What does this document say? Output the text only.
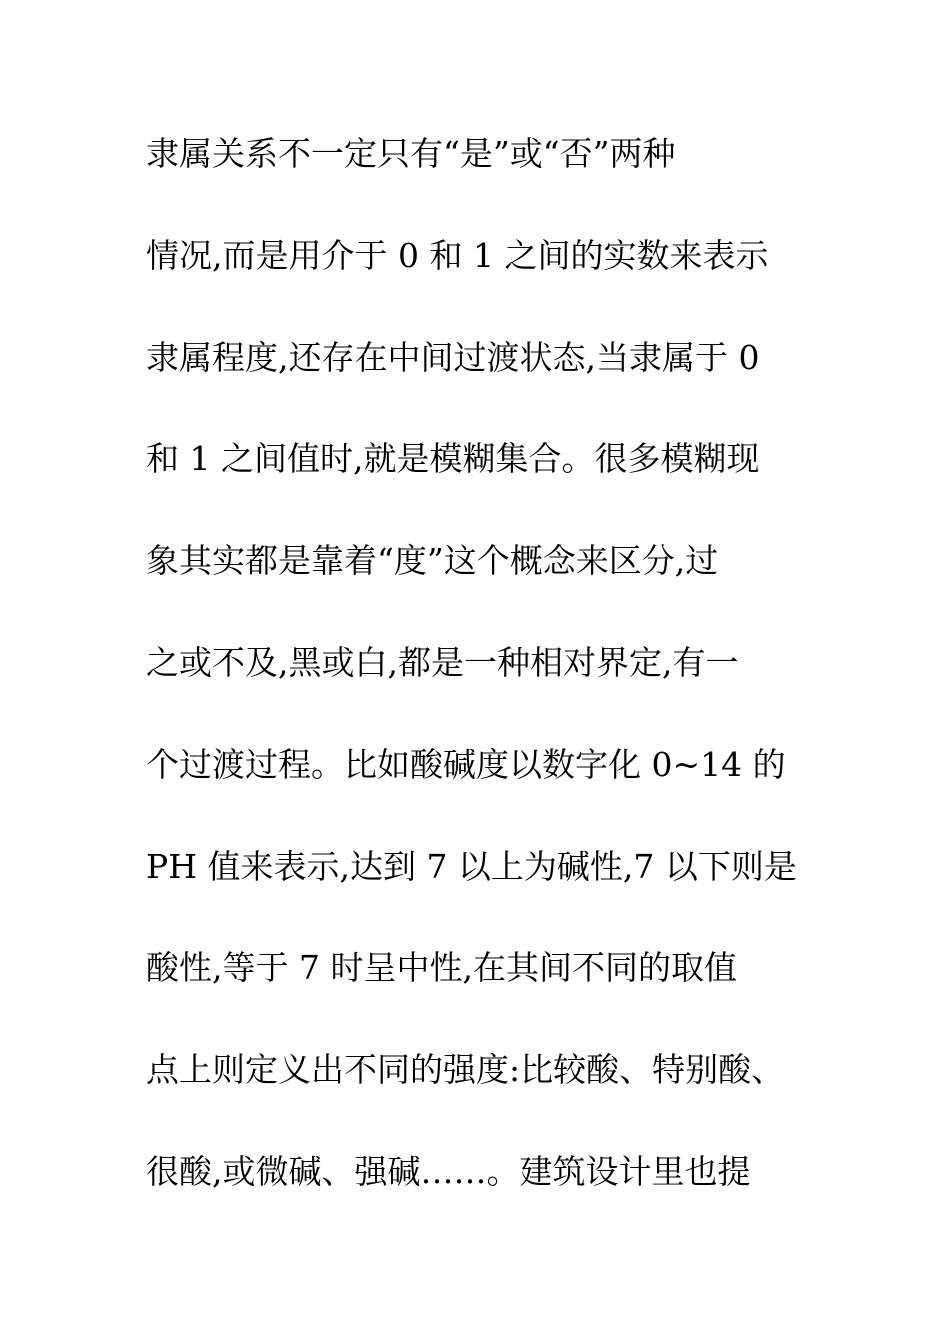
隶属关系不一定只有“是”或“否”两种
情况,而是用介于 0 和 1 之间的实数来表示
隶属程度,还存在中间过渡状态,当隶属于 0
和 1 之间值时,就是模糊集合。很多模糊现
象其实都是靠着“度”这个概念来区分,过
之或不及,黑或白,都是一种相对界定,有一
个过渡过程。比如酸碱度以数字化 0~14 的
PH 值来表示,达到 7 以上为碱性,7 以下则是
酸性,等于 7 时呈中性,在其间不同的取值
点上则定义出不同的强度:比较酸、特别酸、
很酸,或微碱、强碱……。建筑设计里也提
